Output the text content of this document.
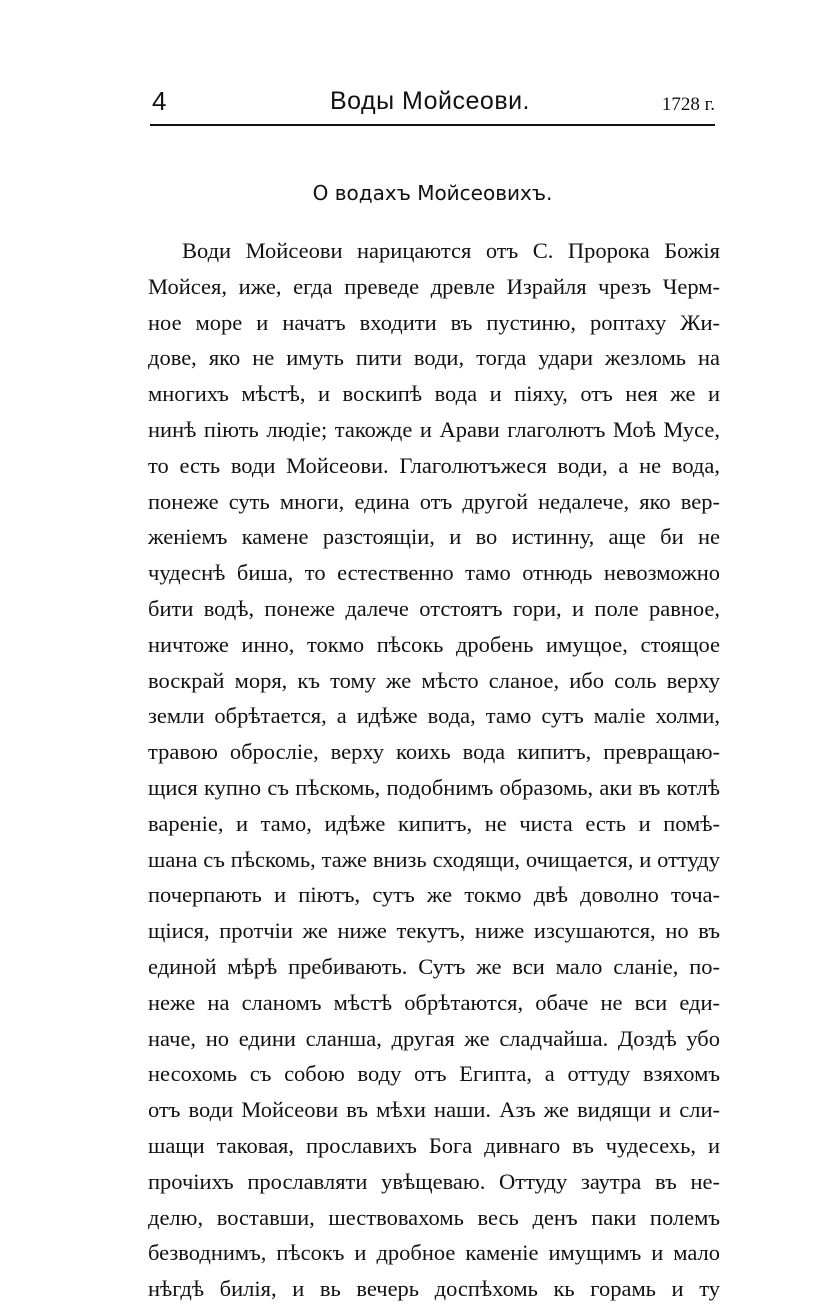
4	Воды Мойсеови.	1728 г.
О водахъ Мойсеовихъ.
Води Мойсеови нарицаются отъ С. Пророка Божія
Мойсея, иже, егда преведе древле Израйля чрезъ Черм-
ное море и начатъ входити въ пустиню, роптаху Жи-
дове, яко не имуть пити води, тогда удари жезломь на
многихъ мѣстѣ, и воскипѣ вода и піяху, отъ нея же и
нинѣ піють людіе; такожде и Арави глаголютъ Моѣ Мусе,
то есть води Мойсеови. Глаголютъжеся води, а не вода,
понеже суть многи, едина отъ другой недалече, яко вер-
женіемъ камене разстоящіи, и во истинну, аще би не
чудеснѣ биша, то естественно тамо отнюдь невозможно
бити водѣ, понеже далече отстоятъ гори, и поле равное,
ничтоже инно, токмо пѣсокь дробень имущое, стоящое
воскрай моря, къ тому же мѣсто сланое, ибо соль верху
земли обрѣтается, а идѣже вода, тамо сутъ маліе холми,
травою обросліе, верху коихь вода кипитъ, превращаю-
щися купно съ пѣскомь, подобнимъ образомь, аки въ котлѣ
вареніе, и тамо, идѣже кипитъ, не чиста есть и помѣ-
шана съ пѣскомь, таже внизь сходящи, очищается, и оттуду
почерпають и піютъ, сутъ же токмо двѣ доволно точа-
щіися, протчіи же ниже текутъ, ниже изсушаются, но въ
единой мѣрѣ пребивають. Сутъ же вси мало сланіе, по-
неже на сланомъ мѣстѣ обрѣтаются, обаче не вси еди-
наче, но едини сланша, другая же сладчайша. Доздѣ убо
несохомь съ собою воду отъ Египта, а оттуду взяхомъ
отъ води Мойсеови въ мѣхи наши. Азъ же видящи и сли-
шащи таковая, прославихъ Бога дивнаго въ чудесехь, и
прочіихъ прославляти увѣщеваю. Оттуду заутра въ не-
делю, воставши, шествовахомь весь денъ паки полемъ
безводнимъ, пѣсокъ и дробное каменіе имущимъ и мало
нѣгдѣ билія, и вь вечерь доспѣхомь кь горамь и ту
